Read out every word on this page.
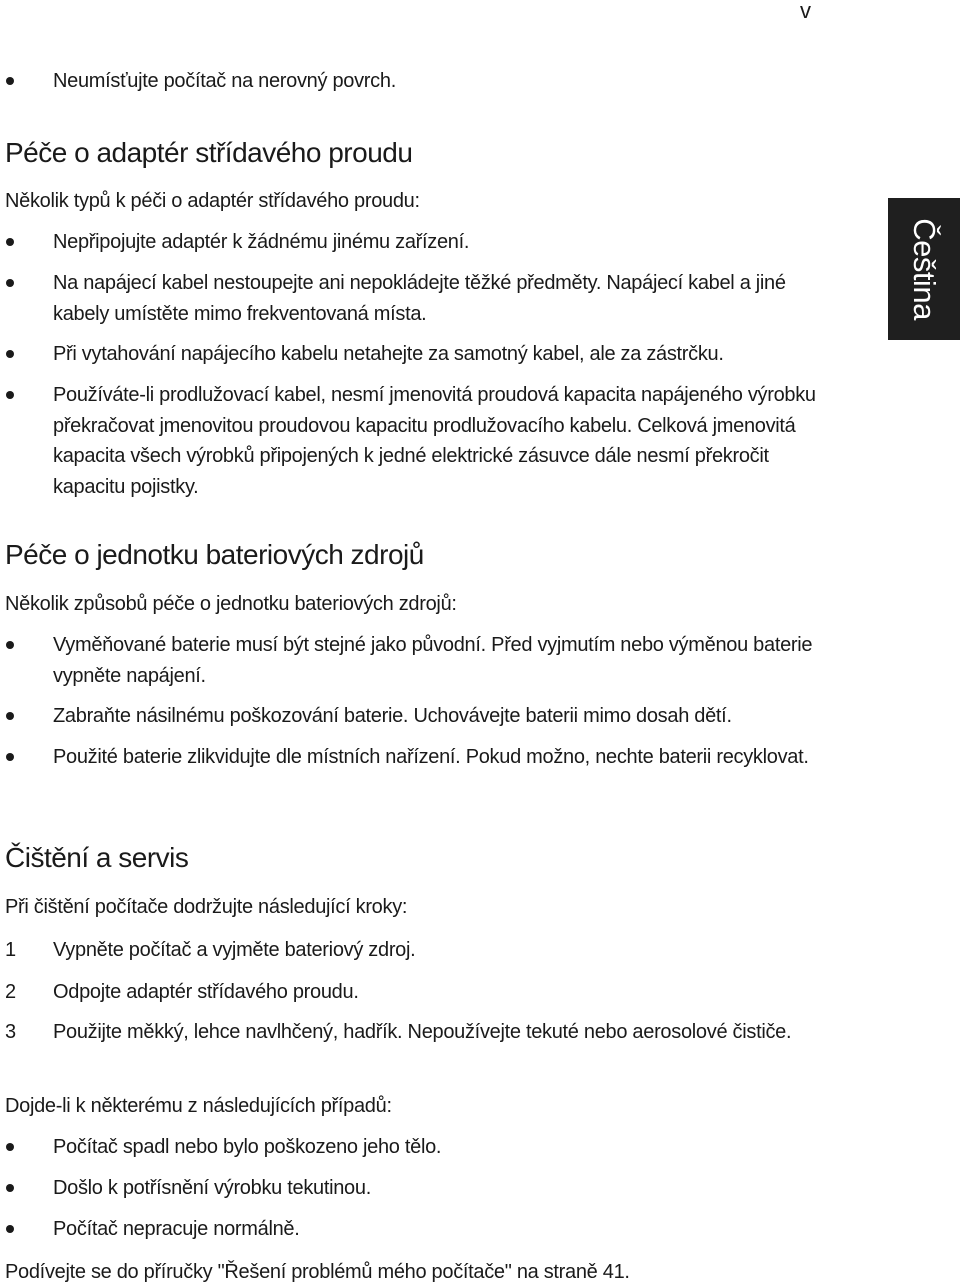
v
Čeština
Neumísťujte počítač na nerovný povrch.
Péče o adaptér střídavého proudu
Několik typů k péči o adaptér střídavého proudu:
Nepřipojujte adaptér k žádnému jinému zařízení.
Na napájecí kabel nestoupejte ani nepokládejte těžké předměty. Napájecí kabel a jiné kabely umístěte mimo frekventovaná místa.
Při vytahování napájecího kabelu netahejte za samotný kabel, ale za zástrčku.
Používáte-li prodlužovací kabel, nesmí jmenovitá proudová kapacita napájeného výrobku překračovat jmenovitou proudovou kapacitu prodlužovacího kabelu. Celková jmenovitá kapacita všech výrobků připojených k jedné elektrické zásuvce dále nesmí překročit kapacitu pojistky.
Péče o jednotku bateriových zdrojů
Několik způsobů péče o jednotku bateriových zdrojů:
Vyměňované baterie musí být stejné jako původní. Před vyjmutím nebo výměnou baterie vypněte napájení.
Zabraňte násilnému poškozování baterie. Uchovávejte baterii mimo dosah dětí.
Použité baterie zlikvidujte dle místních nařízení. Pokud možno, nechte baterii recyklovat.
Čištění a servis
Při čištění počítače dodržujte následující kroky:
1	Vypněte počítač a vyjměte bateriový zdroj.
2	Odpojte adaptér střídavého proudu.
3	Použijte měkký, lehce navlhčený, hadřík. Nepoužívejte tekuté nebo aerosolové čističe.
Dojde-li k některému z následujících případů:
Počítač spadl nebo bylo poškozeno jeho tělo.
Došlo k potřísnění výrobku tekutinou.
Počítač nepracuje normálně.
Podívejte se do příručky "Řešení problémů mého počítače" na straně 41.
